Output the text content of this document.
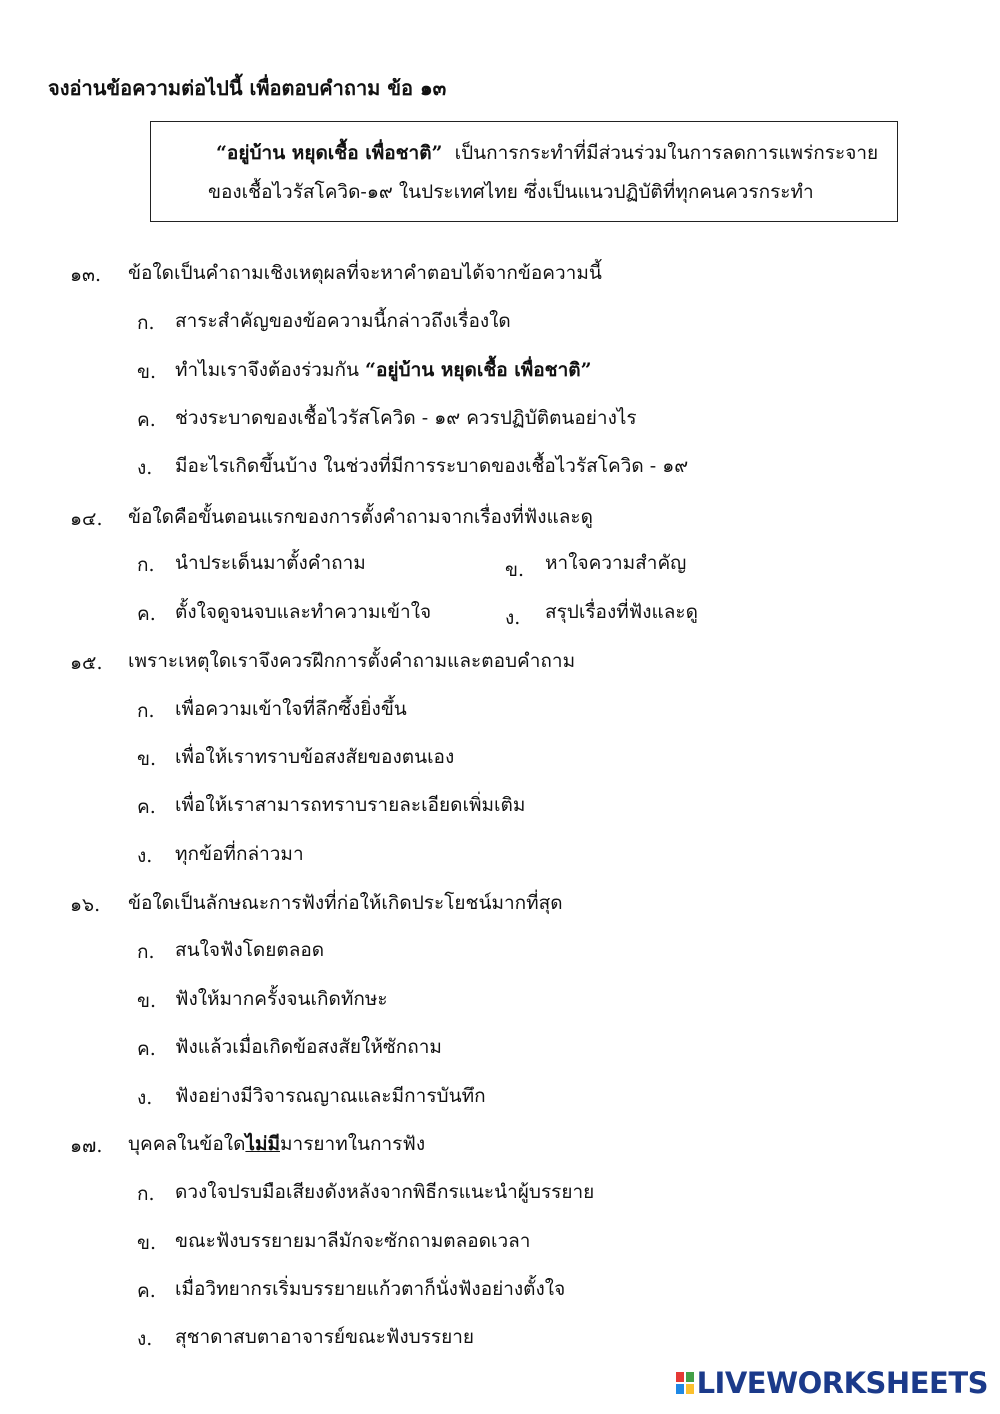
จงอ่านข้อความต่อไปนี้ เพื่อตอบคำถาม ข้อ ๑๓
“อยู่บ้าน หยุดเชื้อ เพื่อชาติ” เป็นการกระทำที่มีส่วนร่วมในการลดการแพร่กระจาย
ของเชื้อไวรัสโควิด-๑๙ ในประเทศไทย ซึ่งเป็นแนวปฏิบัติที่ทุกคนควรกระทำ
๑๓. ข้อใดเป็นคำถามเชิงเหตุผลที่จะหาคำตอบได้จากข้อความนี้
ก. สาระสำคัญของข้อความนี้กล่าวถึงเรื่องใด
ข. ทำไมเราจึงต้องร่วมกัน “อยู่บ้าน หยุดเชื้อ เพื่อชาติ”
ค. ช่วงระบาดของเชื้อไวรัสโควิด - ๑๙ ควรปฏิบัติตนอย่างไร
ง. มีอะไรเกิดขึ้นบ้าง ในช่วงที่มีการระบาดของเชื้อไวรัสโควิด - ๑๙
๑๔. ข้อใดคือขั้นตอนแรกของการตั้งคำถามจากเรื่องที่ฟังและดู
ก. นำประเด็นมาตั้งคำถาม	ข. หาใจความสำคัญ
ค. ตั้งใจดูจนจบและทำความเข้าใจ	ง. สรุปเรื่องที่ฟังและดู
๑๕. เพราะเหตุใดเราจึงควรฝึกการตั้งคำถามและตอบคำถาม
ก. เพื่อความเข้าใจที่ลึกซึ้งยิ่งขึ้น
ข. เพื่อให้เราทราบข้อสงสัยของตนเอง
ค. เพื่อให้เราสามารถทราบรายละเอียดเพิ่มเติม
ง. ทุกข้อที่กล่าวมา
๑๖. ข้อใดเป็นลักษณะการฟังที่ก่อให้เกิดประโยชน์มากที่สุด
ก. สนใจฟังโดยตลอด
ข. ฟังให้มากครั้งจนเกิดทักษะ
ค. ฟังแล้วเมื่อเกิดข้อสงสัยให้ซักถาม
ง. ฟังอย่างมีวิจารณญาณและมีการบันทึก
๑๗. บุคคลในข้อใดไม่มีมารยาทในการฟัง
ก. ดวงใจปรบมือเสียงดังหลังจากพิธีกรแนะนำผู้บรรยาย
ข. ขณะฟังบรรยายมาลีมักจะซักถามตลอดเวลา
ค. เมื่อวิทยากรเริ่มบรรยายแก้วตาก็นั่งฟังอย่างตั้งใจ
ง. สุชาดาสบตาอาจารย์ขณะฟังบรรยาย
LIVEWORKSHEETS
